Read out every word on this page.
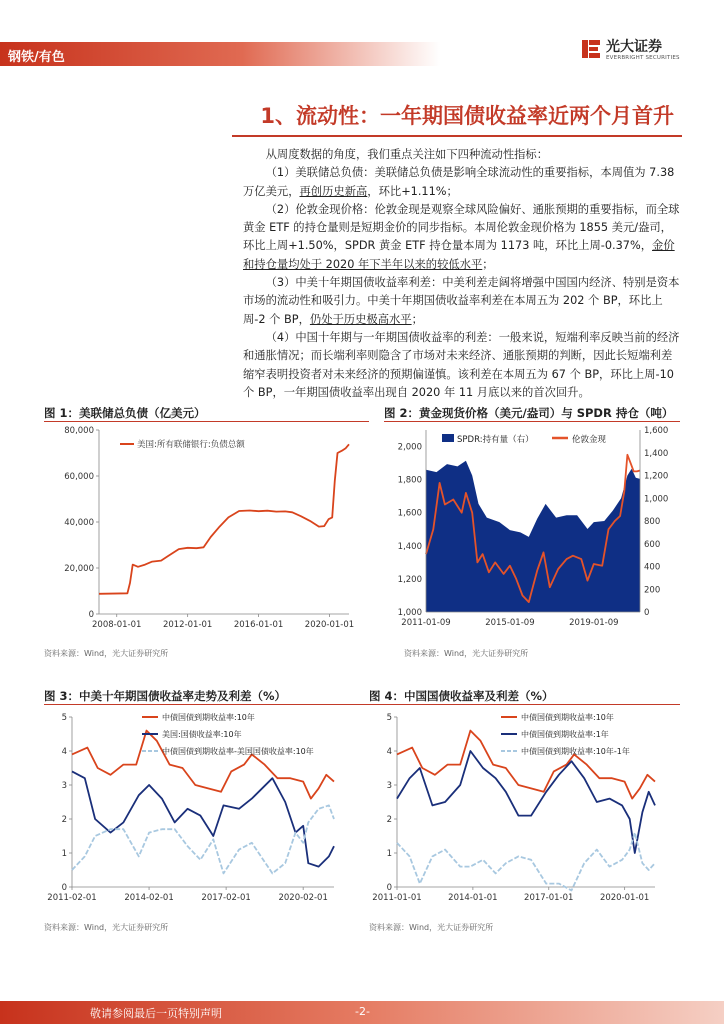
钢铁/有色
光大证券
EVERBRIGHT SECURITIES
1、流动性：一年期国债收益率近两个月首升

从周度数据的角度，我们重点关注如下四种流动性指标：

（1）美联储总负债：美联储总负债是影响全球流动性的重要指标，本周值为 7.38 万亿美元，再创历史新高，环比+1.11%；

（2）伦敦金现价格：伦敦金现是观察全球风险偏好、通胀预期的重要指标，而全球黄金 ETF 的持仓量则是短期金价的同步指标。本周伦敦金现价格为 1855 美元/盎司，环比上周+1.50%，SPDR 黄金 ETF 持仓量本周为 1173 吨，环比上周-0.37%，金价和持仓量均处于 2020 年下半年以来的较低水平；

（3）中美十年期国债收益率利差：中美利差走阔将增强中国国内经济、特别是资本市场的流动性和吸引力。中美十年期国债收益率利差在本周五为 202 个 BP，环比上周-2 个 BP，仍处于历史极高水平；

（4）中国十年期与一年期国债收益率的利差：一般来说，短端利率反映当前的经济和通胀情况；而长端利率则隐含了市场对未来经济、通胀预期的判断，因此长短端利差缩窄表明投资者对未来经济的预期偏谨慎。该利差在本周五为 67 个 BP，环比上周-10 个 BP，一年期国债收益率出现自 2020 年 11 月底以来的首次回升。

图 1：美联储总负债（亿美元）
0
20,000
40,000
60,000
80,000
2008-01-01	2012-01-01	2016-01-01	2020-01-01
美国:所有联储银行:负债总额
资料来源：Wind，光大证券研究所
图 2：黄金现货价格（美元/盎司）与 SPDR 持仓（吨）
1,000
1,200
1,400
1,600
1,800
2,000
0
200
400
600
800
1,000
1,200
1,400
1,600
2011-01-09	2015-01-09	2019-01-09
SPDR:持有量（右）	伦敦金现
资料来源：Wind，光大证券研究所
图 3：中美十年期国债收益率走势及利差（%）
0
1
2
3
4
5
2011-02-01	2014-02-01	2017-02-01	2020-02-01
中债国债到期收益率:10年
美国:国债收益率:10年
中债国债到期收益率-美国国债收益率:10年
资料来源：Wind，光大证券研究所
图 4：中国国债收益率及利差（%）
0
1
2
3
4
5
2011-01-01	2014-01-01	2017-01-01	2020-01-01
中债国债到期收益率:10年
中债国债到期收益率:1年
中债国债到期收益率:10年-1年
资料来源：Wind，光大证券研究所
敬请参阅最后一页特别声明	-2-
